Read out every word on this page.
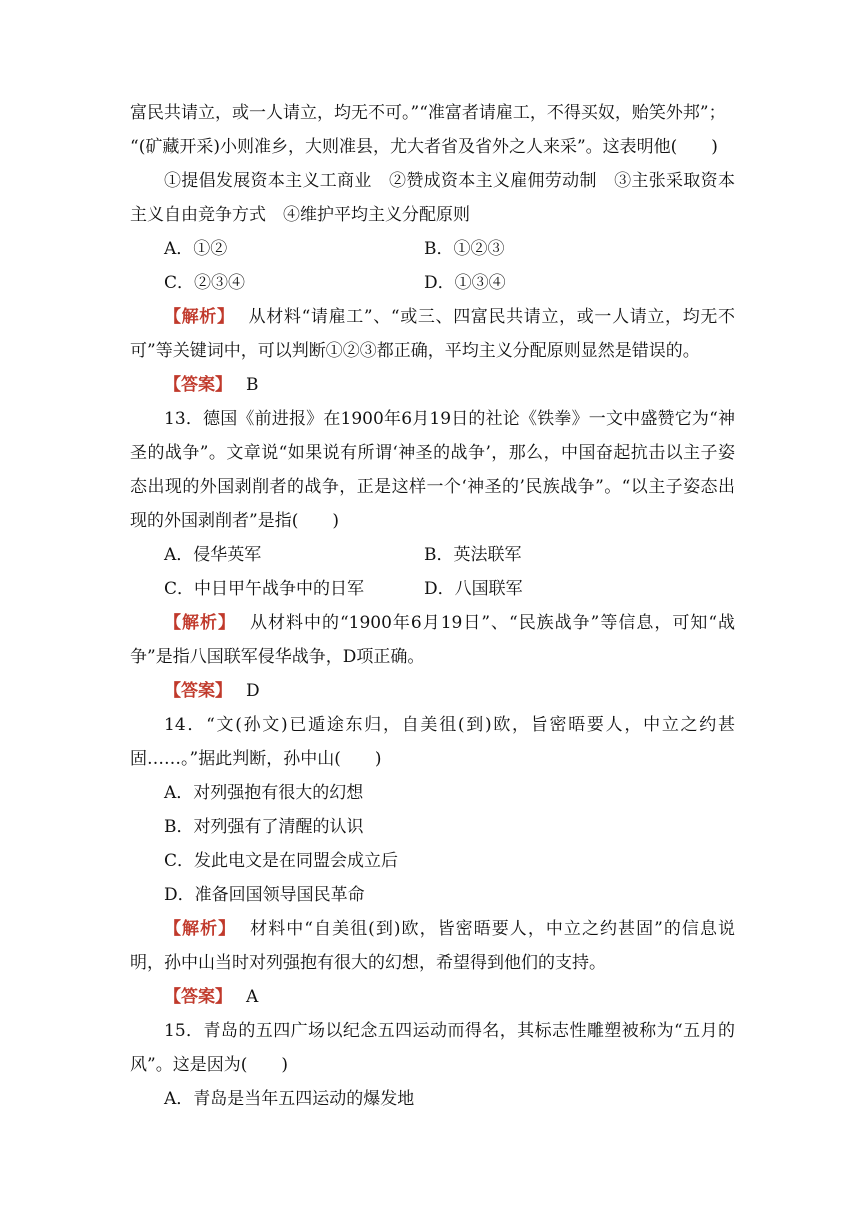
富民共请立，或一人请立，均无不可。”“准富者请雇工，不得买奴，贻笑外邦”；

“(矿藏开采)小则准乡，大则准县，尤大者省及省外之人来采”。这表明他(　　)

①提倡发展资本主义工商业　②赞成资本主义雇佣劳动制　③主张采取资本主义自由竞争方式　④维护平均主义分配原则

A．①②	B．①②③
C．②③④	D．①③④

【解析】 从材料“请雇工”、“或三、四富民共请立，或一人请立，均无不可”等关键词中，可以判断①②③都正确，平均主义分配原则显然是错误的。

【答案】 B

13．德国《前进报》在1900年6月19日的社论《铁拳》一文中盛赞它为“神圣的战争”。文章说“如果说有所谓‘神圣的战争’，那么，中国奋起抗击以主子姿态出现的外国剥削者的战争，正是这样一个‘神圣的’民族战争”。“以主子姿态出现的外国剥削者”是指(　　)

A．侵华英军	B．英法联军
C．中日甲午战争中的日军	D．八国联军

【解析】 从材料中的“1900年6月19日”、“民族战争”等信息，可知“战争”是指八国联军侵华战争，D项正确。

【答案】 D

14．“文(孙文)已遁途东归，自美徂(到)欧，旨密晤要人，中立之约甚固……。”据此判断，孙中山(　　)

A．对列强抱有很大的幻想

B．对列强有了清醒的认识

C．发此电文是在同盟会成立后

D．准备回国领导国民革命

【解析】 材料中“自美徂(到)欧，皆密晤要人，中立之约甚固”的信息说明，孙中山当时对列强抱有很大的幻想，希望得到他们的支持。

【答案】 A

15．青岛的五四广场以纪念五四运动而得名，其标志性雕塑被称为“五月的风”。这是因为(　　)

A．青岛是当年五四运动的爆发地
